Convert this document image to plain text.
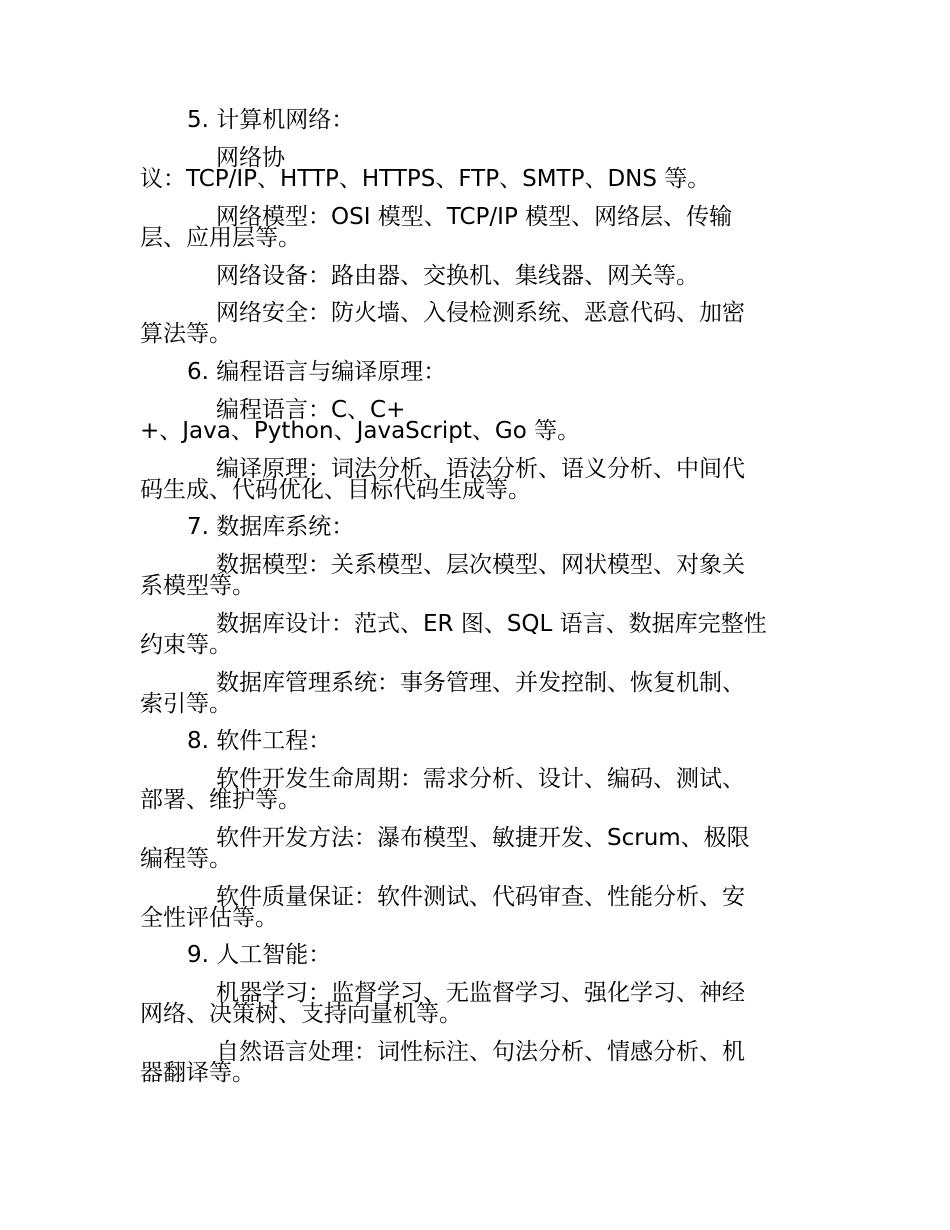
5. 计算机网络：

网络协

议：TCP/IP、HTTP、HTTPS、FTP、SMTP、DNS 等。

网络模型：OSI 模型、TCP/IP 模型、网络层、传输

层、应用层等。

网络设备：路由器、交换机、集线器、网关等。

网络安全：防火墙、入侵检测系统、恶意代码、加密

算法等。

6. 编程语言与编译原理：

编程语言：C、C+

+、Java、Python、JavaScript、Go 等。

编译原理：词法分析、语法分析、语义分析、中间代

码生成、代码优化、目标代码生成等。

7. 数据库系统：

数据模型：关系模型、层次模型、网状模型、对象关

系模型等。

数据库设计：范式、ER 图、SQL 语言、数据库完整性

约束等。

数据库管理系统：事务管理、并发控制、恢复机制、

索引等。

8. 软件工程：

软件开发生命周期：需求分析、设计、编码、测试、

部署、维护等。

软件开发方法：瀑布模型、敏捷开发、Scrum、极限

编程等。

软件质量保证：软件测试、代码审查、性能分析、安

全性评估等。

9. 人工智能：

机器学习：监督学习、无监督学习、强化学习、神经

网络、决策树、支持向量机等。

自然语言处理：词性标注、句法分析、情感分析、机

器翻译等。
